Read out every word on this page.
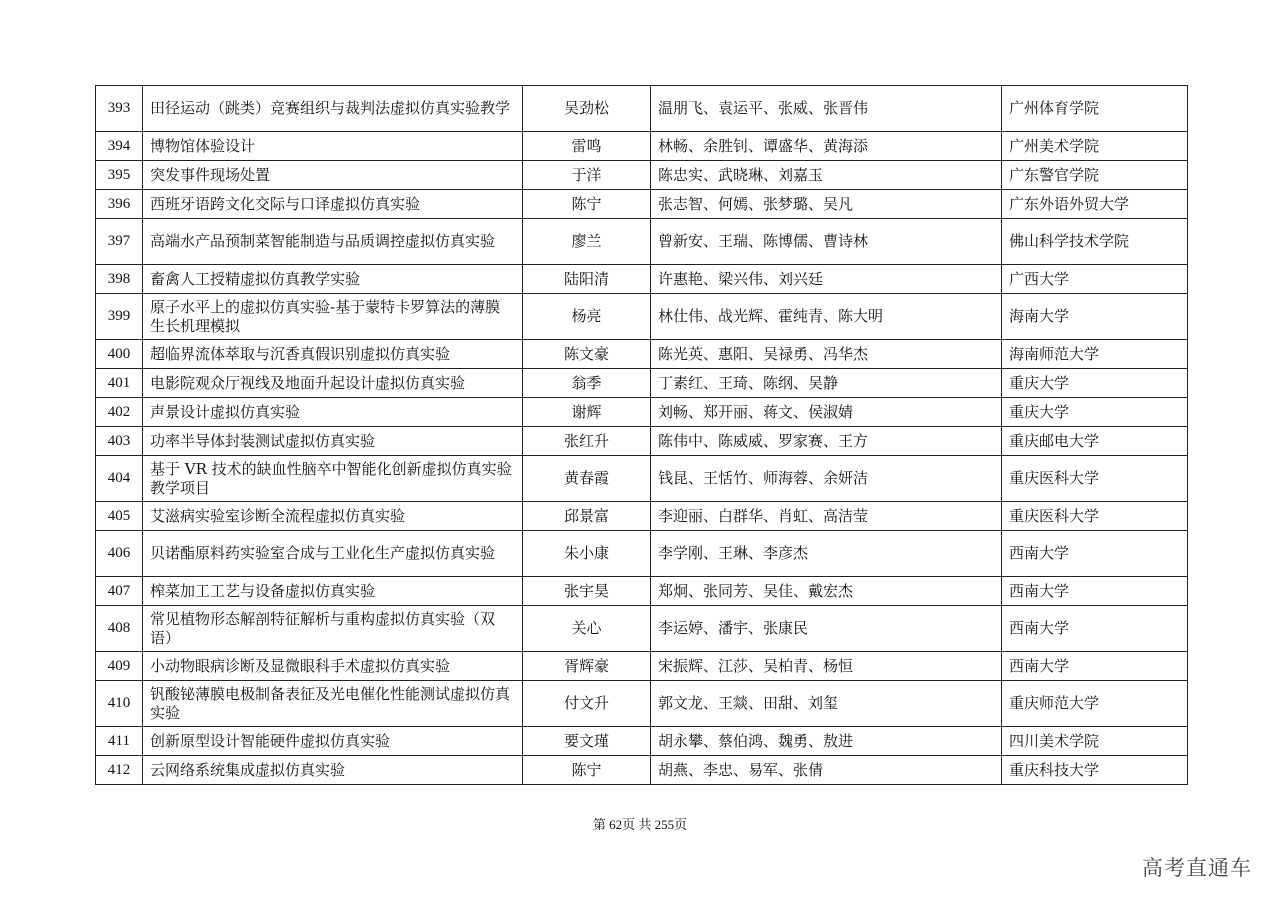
393	田径运动（跳类）竞赛组织与裁判法虚拟仿真实验教学	吴劲松	温朋飞、袁运平、张威、张晋伟	广州体育学院
394	博物馆体验设计	雷鸣	林畅、余胜钊、谭盛华、黄海添	广州美术学院
395	突发事件现场处置	于洋	陈忠实、武晓琳、刘嘉玉	广东警官学院
396	西班牙语跨文化交际与口译虚拟仿真实验	陈宁	张志智、何嫣、张梦璐、吴凡	广东外语外贸大学
397	高端水产品预制菜智能制造与品质调控虚拟仿真实验	廖兰	曾新安、王瑞、陈博儒、曹诗林	佛山科学技术学院
398	畜禽人工授精虚拟仿真教学实验	陆阳清	许惠艳、梁兴伟、刘兴廷	广西大学
399	原子水平上的虚拟仿真实验-基于蒙特卡罗算法的薄膜生长机理模拟	杨亮	林仕伟、战光辉、霍纯青、陈大明	海南大学
400	超临界流体萃取与沉香真假识别虚拟仿真实验	陈文豪	陈光英、惠阳、吴禄勇、冯华杰	海南师范大学
401	电影院观众厅视线及地面升起设计虚拟仿真实验	翁季	丁素红、王琦、陈纲、吴静	重庆大学
402	声景设计虚拟仿真实验	谢辉	刘畅、郑开丽、蒋文、侯淑婧	重庆大学
403	功率半导体封装测试虚拟仿真实验	张红升	陈伟中、陈威威、罗家赛、王方	重庆邮电大学
404	基于 VR 技术的缺血性脑卒中智能化创新虚拟仿真实验教学项目	黄春霞	钱昆、王恬竹、师海蓉、余妍洁	重庆医科大学
405	艾滋病实验室诊断全流程虚拟仿真实验	邱景富	李迎丽、白群华、肖虹、高洁莹	重庆医科大学
406	贝诺酯原料药实验室合成与工业化生产虚拟仿真实验	朱小康	李学刚、王琳、李彦杰	西南大学
407	榨菜加工工艺与设备虚拟仿真实验	张宇昊	郑炯、张同芳、吴佳、戴宏杰	西南大学
408	常见植物形态解剖特征解析与重构虚拟仿真实验（双语）	关心	李运婷、潘宇、张康民	西南大学
409	小动物眼病诊断及显微眼科手术虚拟仿真实验	胥辉豪	宋振辉、江莎、吴柏青、杨恒	西南大学
410	钒酸铋薄膜电极制备表征及光电催化性能测试虚拟仿真实验	付文升	郭文龙、王燚、田甜、刘玺	重庆师范大学
411	创新原型设计智能硬件虚拟仿真实验	要文瑾	胡永攀、蔡伯鸿、魏勇、敖进	四川美术学院
412	云网络系统集成虚拟仿真实验	陈宁	胡燕、李忠、易军、张倩	重庆科技大学
第 62页 共 255页
高考直通车
